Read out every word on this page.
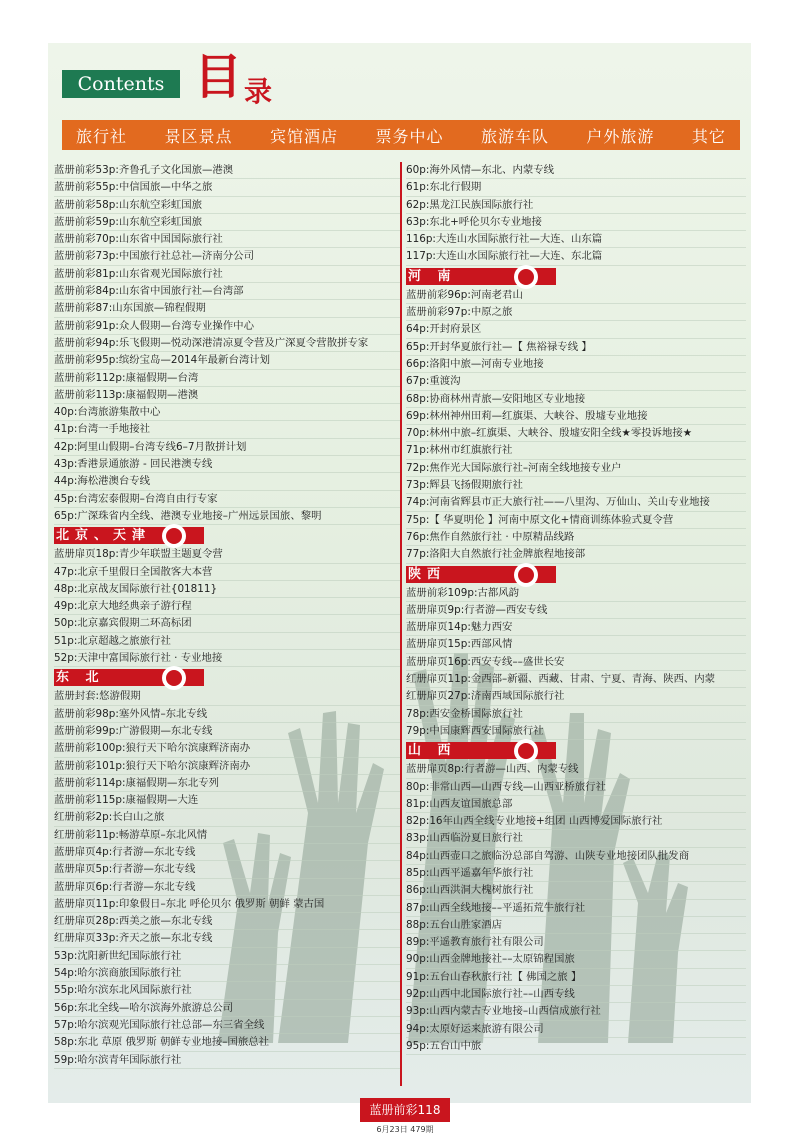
Contents 目 录
旅行社 景区景点 宾馆酒店 票务中心 旅游车队 户外旅游 其它
蓝册前彩53p:齐鲁孔子文化国旅—港澳
蓝册前彩55p:中信国旅—中华之旅
蓝册前彩58p:山东航空彩虹国旅
蓝册前彩59p:山东航空彩虹国旅
蓝册前彩70p:山东省中国国际旅行社
蓝册前彩73p:中国旅行社总社—济南分公司
蓝册前彩81p:山东省观光国际旅行社
蓝册前彩84p:山东省中国旅行社—台湾部
蓝册前彩87:山东国旅—锦程假期
蓝册前彩91p:众人假期—台湾专业操作中心
蓝册前彩94p:乐飞假期—悦动深港清凉夏令营及广深夏令营散拼专家
蓝册前彩95p:缤纷宝岛—2014年最新台湾计划
蓝册前彩112p:康福假期—台湾
蓝册前彩113p:康福假期—港澳
40p:台湾旅游集散中心
41p:台湾一手地接社
42p:阿里山假期–台湾专线6–7月散拼计划
43p:香港景通旅游 - 回民港澳专线
44p:海松港澳台专线
45p:台湾宏泰假期–台湾自由行专家
65p:广深珠省内全线、港澳专业地接–广州远景国旅、黎明
北京、天津
蓝册扉页18p:青少年联盟主题夏令营
47p:北京千里假日全国散客大本营
48p:北京战友国际旅行社{01811}
49p:北京大地经典亲子游行程
50p:北京嘉宾假期二环高标团
51p:北京超越之旅旅行社
52p:天津中富国际旅行社 · 专业地接
东 北
蓝册封套:悠游假期
蓝册前彩98p:塞外风情–东北专线
蓝册前彩99p:广游假期—东北专线
蓝册前彩100p:狼行天下哈尔滨康辉济南办
蓝册前彩101p:狼行天下哈尔滨康辉济南办
蓝册前彩114p:康福假期—东北专列
蓝册前彩115p:康福假期—大连
红册前彩2p:长白山之旅
红册前彩11p:畅游草原–东北风情
蓝册扉页4p:行者游—东北专线
蓝册扉页5p:行者游—东北专线
蓝册扉页6p:行者游—东北专线
蓝册扉页11p:印象假日–东北 呼伦贝尔 俄罗斯 朝鲜 蒙古国
红册扉页28p:西美之旅—东北专线
红册扉页33p:齐天之旅—东北专线
53p:沈阳新世纪国际旅行社
54p:哈尔滨商旅国际旅行社
55p:哈尔滨东北风国际旅行社
56p:东北全线—哈尔滨海外旅游总公司
57p:哈尔滨观光国际旅行社总部—东三省全线
58p:东北 草原 俄罗斯 朝鲜专业地接–国旅总社
59p:哈尔滨青年国际旅行社
60p:海外风情—东北、内蒙专线
61p:东北行假期
62p:黑龙江民族国际旅行社
63p:东北+呼伦贝尔专业地接
116p:大连山水国际旅行社—大连、山东篇
117p:大连山水国际旅行社—大连、东北篇
河 南
蓝册前彩96p:河南老君山
蓝册前彩97p:中原之旅
64p:开封府景区
65p:开封华夏旅行社—【 焦裕禄专线 】
66p:洛阳中旅—河南专业地接
67p:重渡沟
68p:协商林州青旅—安阳地区专业地接
69p:林州神州田莉—红旗渠、大峡谷、殷墟专业地接
70p:林州中旅–红旗渠、大峡谷、殷墟安阳全线★零投诉地接★
71p:林州市红旗旅行社
72p:焦作光大国际旅行社–河南全线地接专业户
73p:辉县飞扬假期旅行社
74p:河南省辉县市正大旅行社——八里沟、万仙山、关山专业地接
75p:【 华夏明伦 】河南中原文化+情商训练体验式夏令营
76p:焦作自然旅行社 · 中原精品线路
77p:洛阳大自然旅行社金牌旅程地接部
陕西
蓝册前彩109p:古都风韵
蓝册扉页9p:行者游—西安专线
蓝册扉页14p:魅力西安
蓝册扉页15p:西部风情
蓝册扉页16p:西安专线––盛世长安
红册扉页11p:金西部–新疆、西藏、甘肃、宁夏、青海、陕西、内蒙
红册扉页27p:济南西域国际旅行社
78p:西安金桥国际旅行社
79p:中国康辉西安国际旅行社
山 西
蓝册扉页8p:行者游—山西、内蒙专线
80p:非常山西—山西专线—山西亚桥旅行社
81p:山西友谊国旅总部
82p:16年山西全线专业地接+组团 山西博爱国际旅行社
83p:山西临汾夏日旅行社
84p:山西壶口之旅临汾总部自驾游、山陕专业地接团队批发商
85p:山西平遥嘉年华旅行社
86p:山西洪洞大槐树旅行社
87p:山西全线地接––平遥拓荒牛旅行社
88p:五台山胜家酒店
89p:平遥教育旅行社有限公司
90p:山西金牌地接社––太原锦程国旅
91p:五台山春秋旅行社【 佛国之旅 】
92p:山西中北国际旅行社––山西专线
93p:山西内蒙古专业地接–山西信成旅行社
94p:太原好运来旅游有限公司
95p:五台山中旅
蓝册前彩118
6月23日 479期
